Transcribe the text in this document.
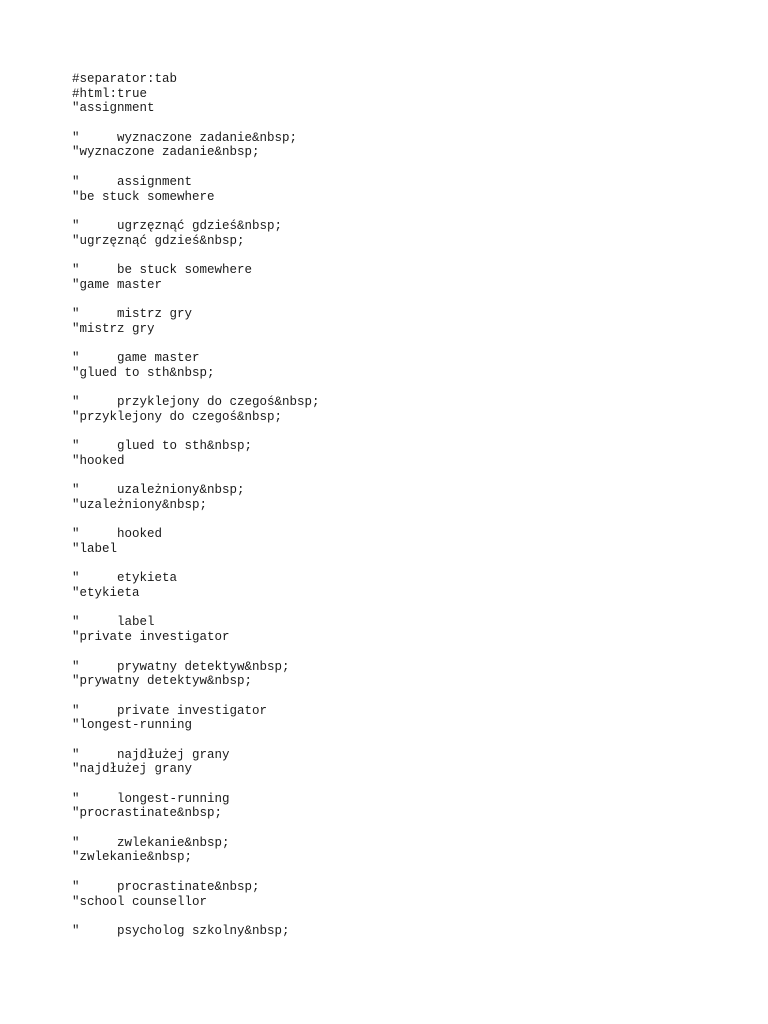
#separator:tab
#html:true
"assignment
"     wyznaczone zadanie&nbsp;
"wyznaczone zadanie&nbsp;
"     assignment
"be stuck somewhere
"     ugrzęznąć gdzieś&nbsp;
"ugrzęznąć gdzieś&nbsp;
"     be stuck somewhere
"game master
"     mistrz gry
"mistrz gry
"     game master
"glued to sth&nbsp;
"     przyklejony do czegoś&nbsp;
"przyklejony do czegoś&nbsp;
"     glued to sth&nbsp;
"hooked
"     uzależniony&nbsp;
"uzależniony&nbsp;
"     hooked
"label
"     etykieta
"etykieta
"     label
"private investigator
"     prywatny detektyw&nbsp;
"prywatny detektyw&nbsp;
"     private investigator
"longest-running
"     najdłużej grany
"najdłużej grany
"     longest-running
"procrastinate&nbsp;
"     zwlekanie&nbsp;
"zwlekanie&nbsp;
"     procrastinate&nbsp;
"school counsellor
"     psycholog szkolny&nbsp;
